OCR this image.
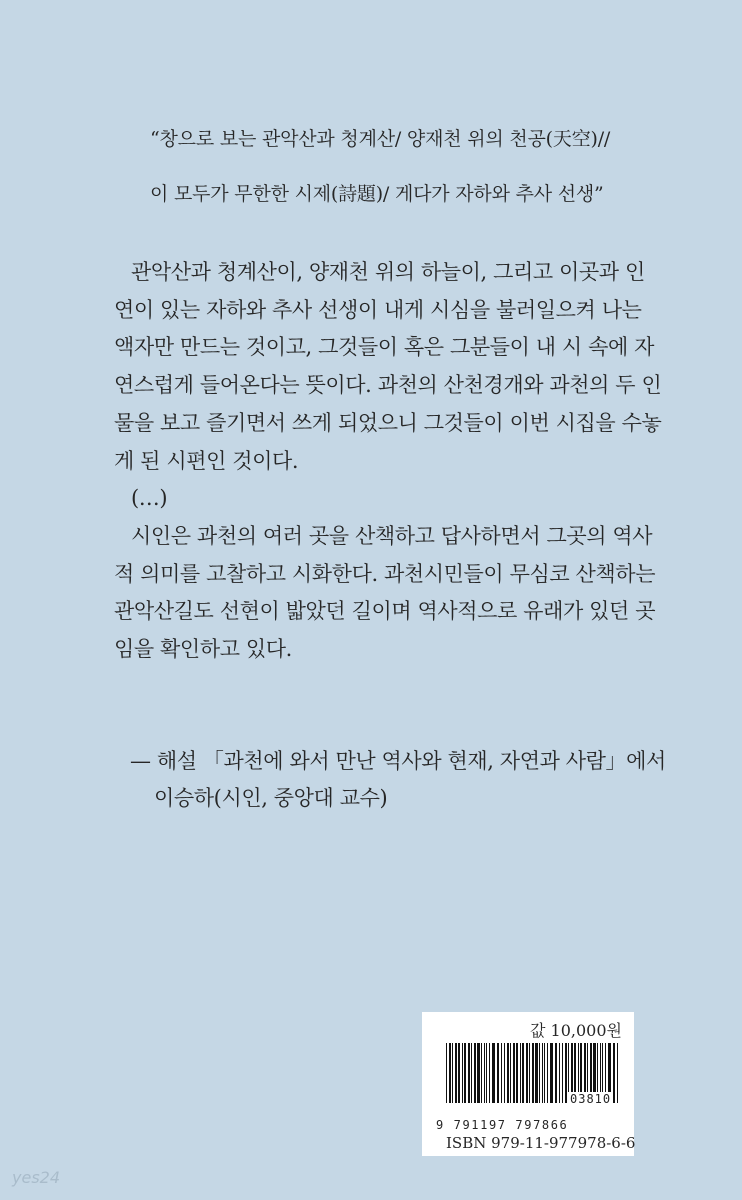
“창으로 보는 관악산과 청계산/ 양재천 위의 천공(天空)//
이 모두가 무한한 시제(詩題)/ 게다가 자하와 추사 선생”
관악산과 청계산이, 양재천 위의 하늘이, 그리고 이곳과 인
연이 있는 자하와 추사 선생이 내게 시심을 불러일으켜 나는
액자만 만드는 것이고, 그것들이 혹은 그분들이 내 시 속에 자
연스럽게 들어온다는 뜻이다. 과천의 산천경개와 과천의 두 인
물을 보고 즐기면서 쓰게 되었으니 그것들이 이번 시집을 수놓
게 된 시편인 것이다.
(…)
시인은 과천의 여러 곳을 산책하고 답사하면서 그곳의 역사
적 의미를 고찰하고 시화한다. 과천시민들이 무심코 산책하는
관악산길도 선현이 밟았던 길이며 역사적으로 유래가 있던 곳
임을 확인하고 있다.
— 해설 「과천에 와서 만난 역사와 현재, 자연과 사람」에서
이승하(시인, 중앙대 교수)
값 10,000원
03810
9 791197 797866
ISBN 979-11-977978-6-6
yes24
